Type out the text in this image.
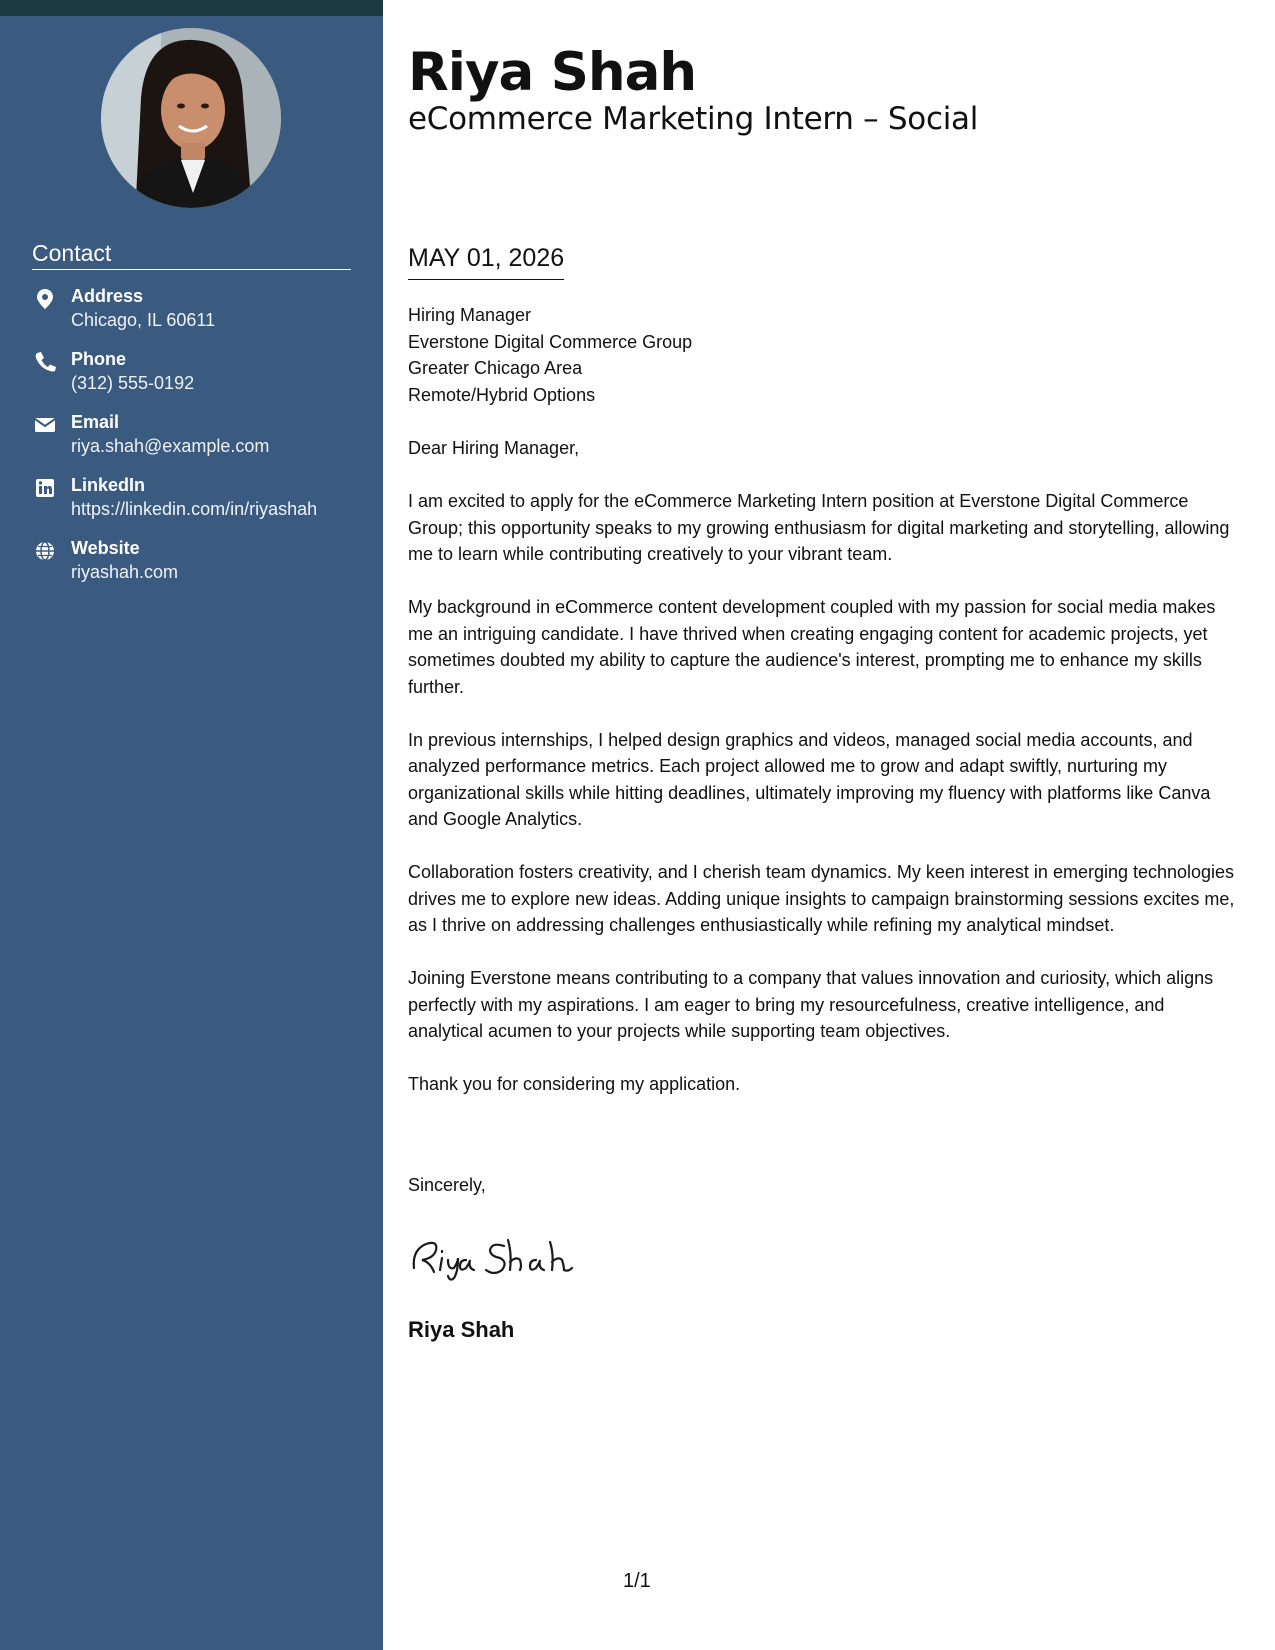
Contact
Address
Chicago, IL 60611
Phone
(312) 555-0192
Email
riya.shah@example.com
LinkedIn
https://linkedin.com/in/riyashah
Website
riyashah.com
Riya Shah
eCommerce Marketing Intern – Social
MAY 01, 2026
Hiring Manager
Everstone Digital Commerce Group
Greater Chicago Area
Remote/Hybrid Options

Dear Hiring Manager,

I am excited to apply for the eCommerce Marketing Intern position at Everstone Digital Commerce Group; this opportunity speaks to my growing enthusiasm for digital marketing and storytelling, allowing me to learn while contributing creatively to your vibrant team.

My background in eCommerce content development coupled with my passion for social media makes me an intriguing candidate. I have thrived when creating engaging content for academic projects, yet sometimes doubted my ability to capture the audience's interest, prompting me to enhance my skills further.

In previous internships, I helped design graphics and videos, managed social media accounts, and analyzed performance metrics. Each project allowed me to grow and adapt swiftly, nurturing my organizational skills while hitting deadlines, ultimately improving my fluency with platforms like Canva and Google Analytics.

Collaboration fosters creativity, and I cherish team dynamics. My keen interest in emerging technologies drives me to explore new ideas. Adding unique insights to campaign brainstorming sessions excites me, as I thrive on addressing challenges enthusiastically while refining my analytical mindset.

Joining Everstone means contributing to a company that values innovation and curiosity, which aligns perfectly with my aspirations. I am eager to bring my resourcefulness, creative intelligence, and analytical acumen to your projects while supporting team objectives.

Thank you for considering my application.

Sincerely,
Riya Shah
1/1
